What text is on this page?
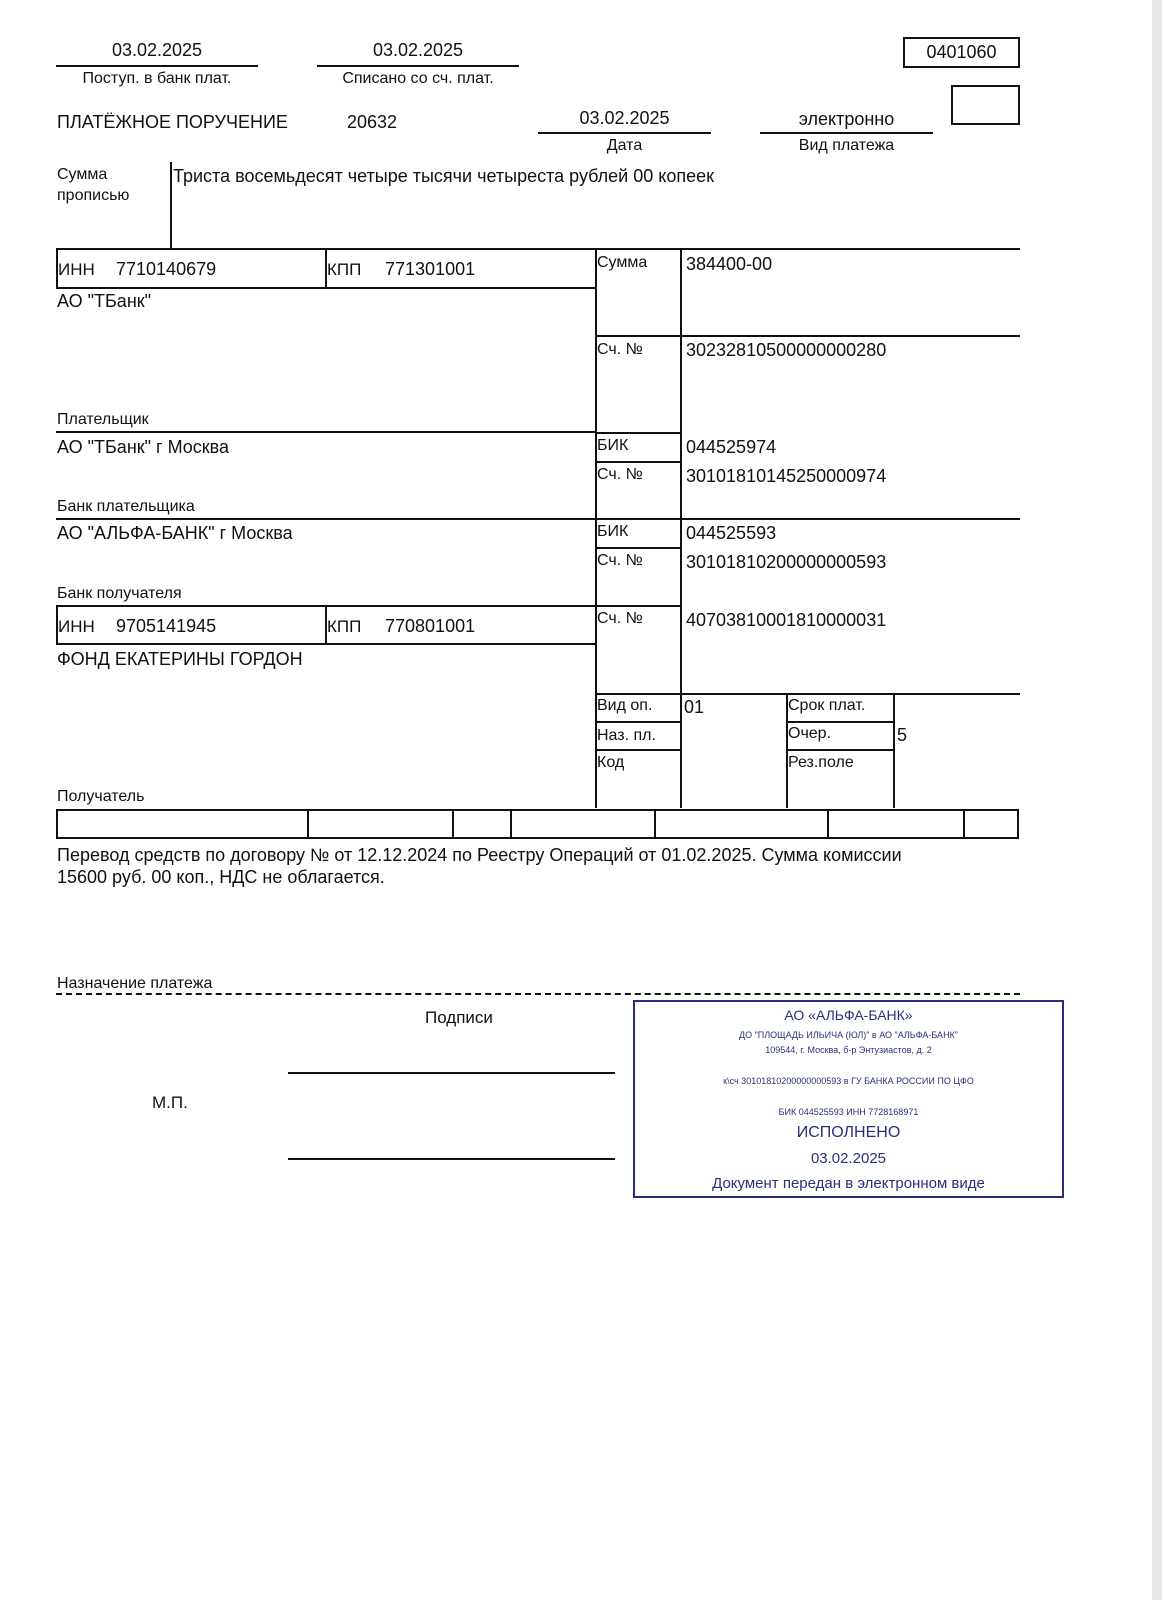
03.02.2025
Поступ. в банк плат.
03.02.2025
Списано со сч. плат.
0401060
ПЛАТЁЖНОЕ ПОРУЧЕНИЕ	20632	03.02.2025
Дата
электронно
Вид платежа
Сумма
прописью
Триста восемьдесят четыре тысячи четыреста рублей 00 копеек
ИНН 7710140679	КПП 771301001
АО "ТБанк"
Плательщик
Сумма 384400-00
Сч. № 30232810500000000280
АО "ТБанк" г Москва
Банк плательщика
БИК	044525974
Сч. № 30101810145250000974
АО "АЛЬФА-БАНК" г Москва
Банк получателя
БИК	044525593
Сч. № 30101810200000000593
ИНН 9705141945	КПП 770801001
ФОНД ЕКАТЕРИНЫ ГОРДОН
Получатель
Сч. № 40703810001810000031
Вид оп. 01
Наз. пл.
Код
Срок плат.
Очер.	5
Рез.поле
Перевод средств по договору № от 12.12.2024 по Реестру Операций от 01.02.2025. Сумма комиссии
15600 руб. 00 коп., НДС не облагается.
Назначение платежа
Подписи
М.П.
АО «АЛЬФА-БАНК»
ДО "ПЛОЩАДЬ ИЛЬИЧА (ЮЛ)" в АО "АЛЬФА-БАНК"
109544, г. Москва, б-р Энтузиастов, д. 2
к\сч 30101810200000000593 в ГУ БАНКА РОССИИ ПО ЦФО
БИК 044525593 ИНН 7728168971
ИСПОЛНЕНО
03.02.2025
Документ передан в электронном виде
